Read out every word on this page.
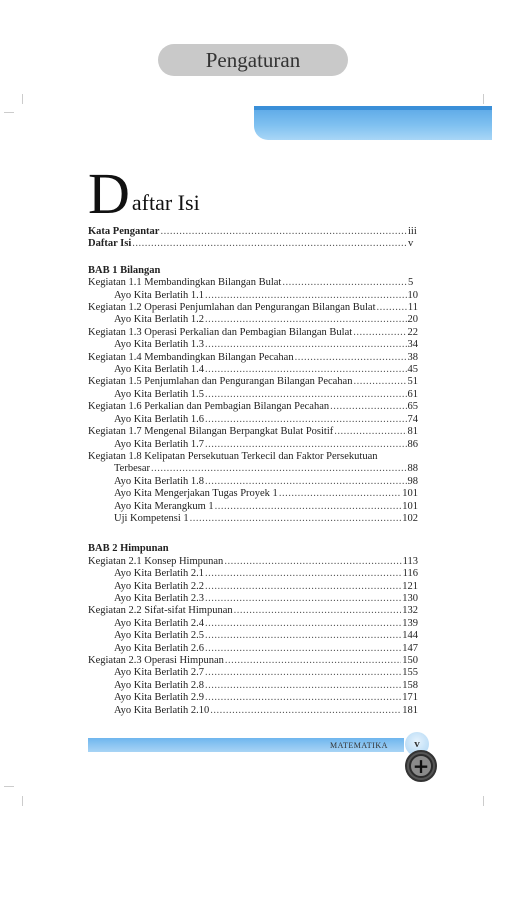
Pengaturan
D aftar Isi
Kata Pengantar .....	iii
Daftar Isi .....	v
BAB 1 Bilangan
Kegiatan 1.1 Membandingkan Bilangan Bulat .....	5
Ayo Kita Berlatih 1.1 .....	10
Kegiatan 1.2 Operasi Penjumlahan dan Pengurangan Bilangan Bulat .....	11
Ayo Kita Berlatih 1.2 .....	20
Kegiatan 1.3 Operasi Perkalian dan Pembagian Bilangan Bulat .....	22
Ayo Kita Berlatih 1.3 .....	34
Kegiatan 1.4 Membandingkan Bilangan Pecahan .....	38
Ayo Kita Berlatih 1.4 .....	45
Kegiatan 1.5 Penjumlahan dan Pengurangan Bilangan Pecahan .....	51
Ayo Kita Berlatih 1.5 .....	61
Kegiatan 1.6 Perkalian dan Pembagian Bilangan Pecahan .....	65
Ayo Kita Berlatih 1.6 .....	74
Kegiatan 1.7 Mengenal Bilangan Berpangkat Bulat Positif .....	81
Ayo Kita Berlatih 1.7 .....	86
Kegiatan 1.8 Kelipatan Persekutuan Terkecil dan Faktor Persekutuan
Terbesar .....	88
Ayo Kita Berlatih 1.8 .....	98
Ayo Kita Mengerjakan Tugas Proyek 1 .....	101
Ayo Kita Merangkum 1 .....	101
Uji Kompetensi 1 .....	102
BAB 2 Himpunan
Kegiatan 2.1 Konsep Himpunan .....	113
Ayo Kita Berlatih 2.1 .....	116
Ayo Kita Berlatih 2.2 .....	121
Ayo Kita Berlatih 2.3 .....	130
Kegiatan 2.2 Sifat-sifat Himpunan .....	132
Ayo Kita Berlatih 2.4 .....	139
Ayo Kita Berlatih 2.5 .....	144
Ayo Kita Berlatih 2.6 .....	147
Kegiatan 2.3 Operasi Himpunan .....	150
Ayo Kita Berlatih 2.7 .....	155
Ayo Kita Berlatih 2.8 .....	158
Ayo Kita Berlatih 2.9 .....	171
Ayo Kita Berlatih 2.10 .....	181
MATEMATIKA v
+
